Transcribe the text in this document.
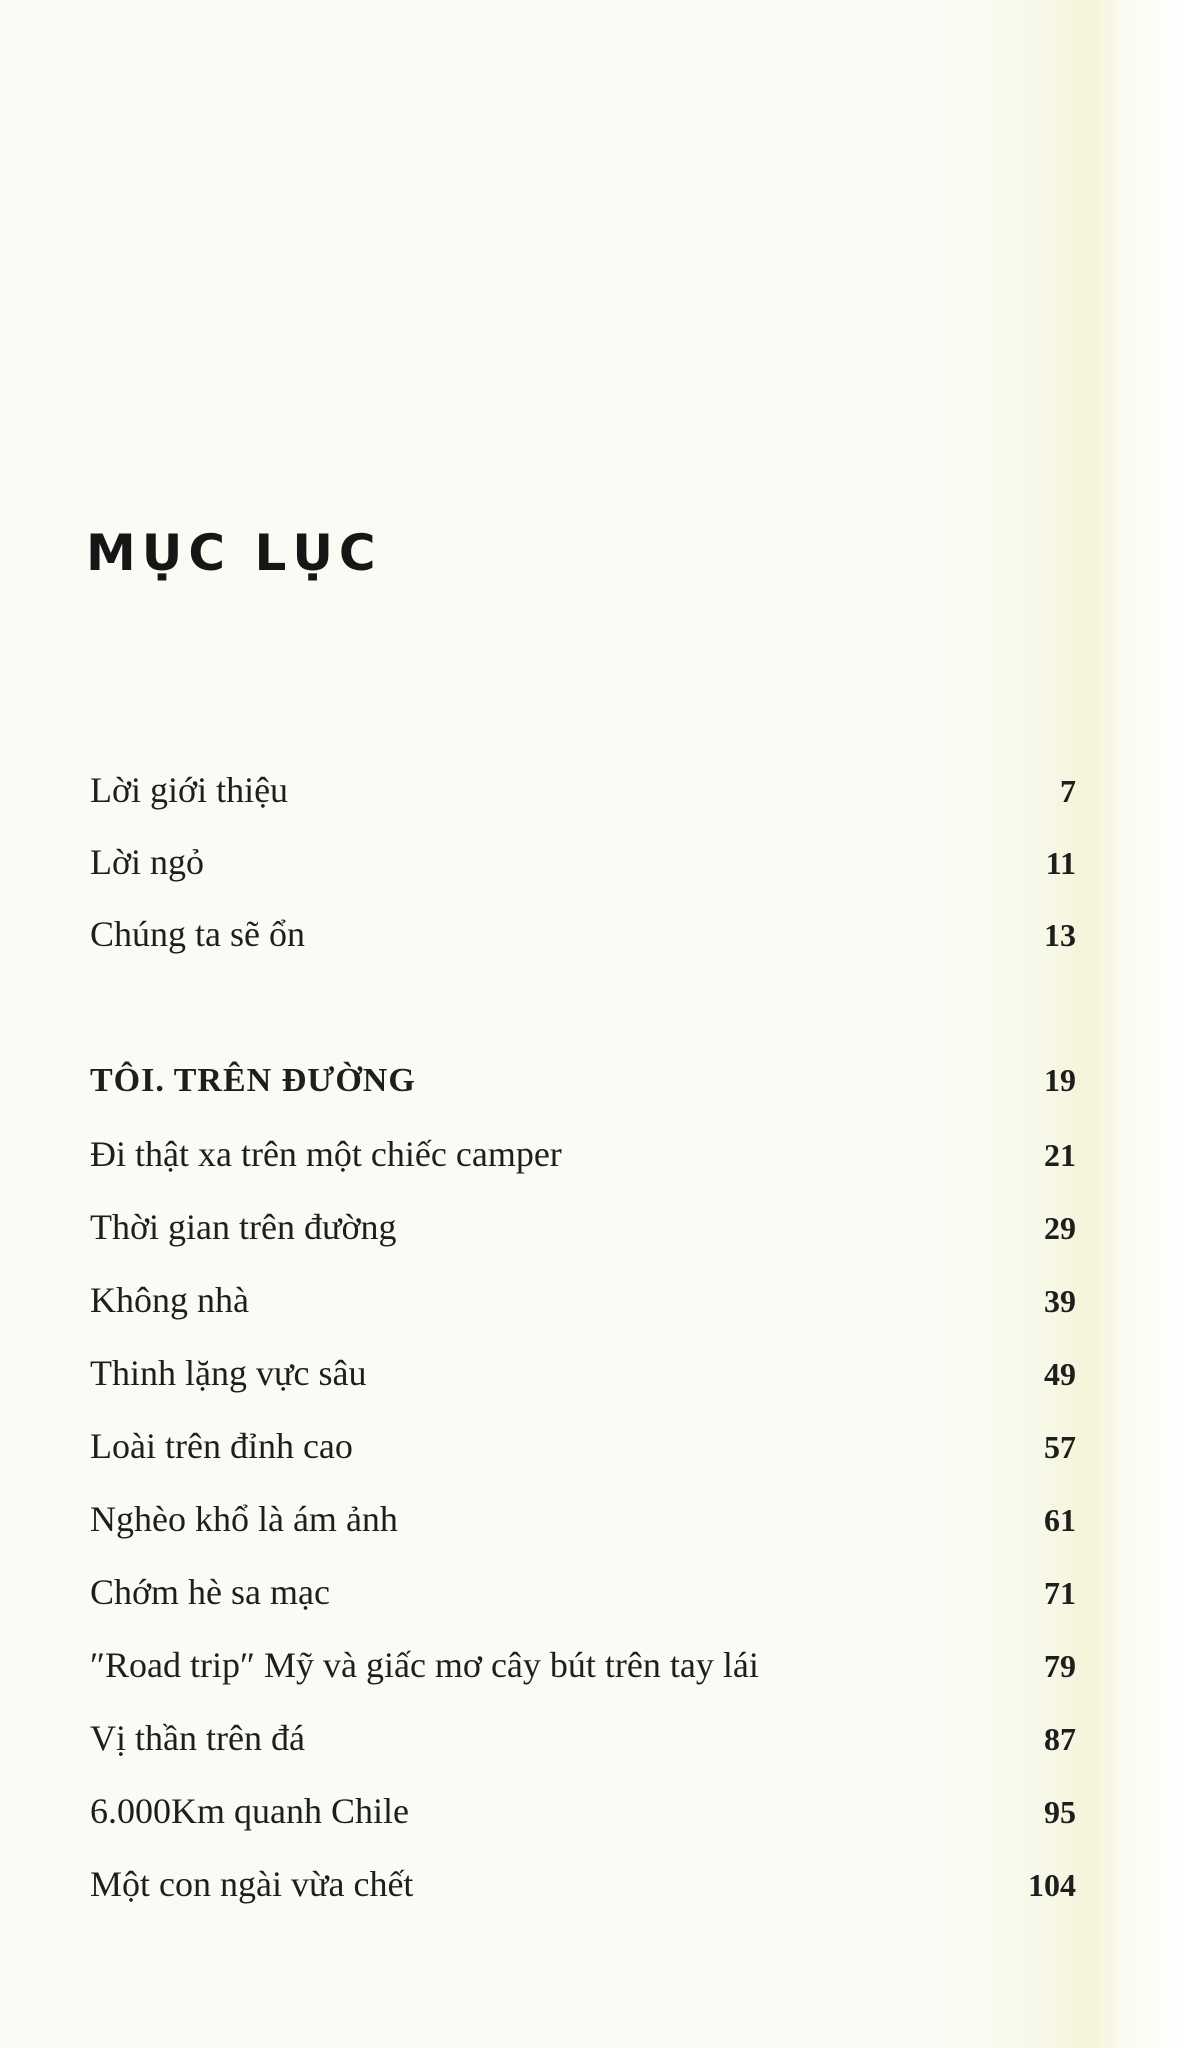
MỤC LỤC
Lời giới thiệu	7
Lời ngỏ	11
Chúng ta sẽ ổn	13
TÔI. TRÊN ĐƯỜNG	19
Đi thật xa trên một chiếc camper	21
Thời gian trên đường	29
Không nhà	39
Thinh lặng vực sâu	49
Loài trên đỉnh cao	57
Nghèo khổ là ám ảnh	61
Chớm hè sa mạc	71
″Road trip″ Mỹ và giấc mơ cây bút trên tay lái	79
Vị thần trên đá	87
6.000Km quanh Chile	95
Một con ngài vừa chết	104
